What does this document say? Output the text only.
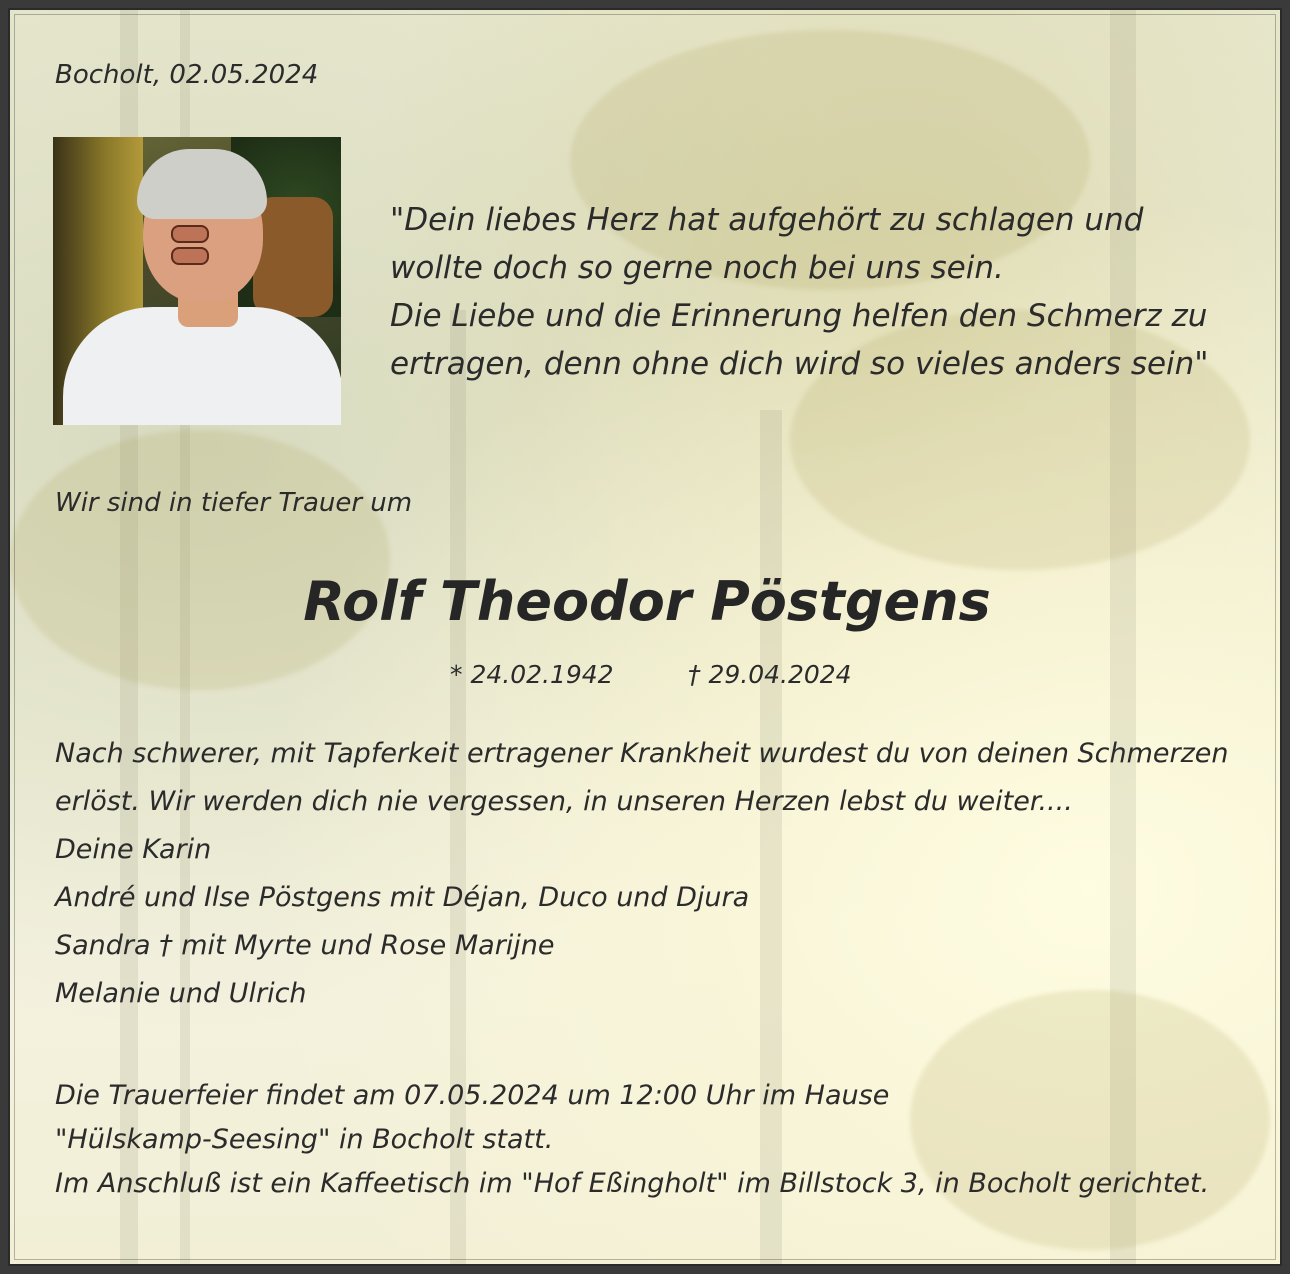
Bocholt, 02.05.2024
"Dein liebes Herz hat aufgehört zu schlagen und
wollte doch so gerne noch bei uns sein.
Die Liebe und die Erinnerung helfen den Schmerz zu
ertragen, denn ohne dich wird so vieles anders sein"
Wir sind in tiefer Trauer um
Rolf Theodor Pöstgens
* 24.02.1942	† 29.04.2024
Nach schwerer, mit Tapferkeit ertragener Krankheit wurdest du von deinen Schmerzen
erlöst. Wir werden dich nie vergessen, in unseren Herzen lebst du weiter....
Deine Karin
André und Ilse Pöstgens mit Déjan, Duco und Djura
Sandra † mit Myrte und Rose Marijne
Melanie und Ulrich
Die Trauerfeier findet am 07.05.2024 um 12:00 Uhr im Hause
"Hülskamp-Seesing" in Bocholt statt.
Im Anschluß ist ein Kaffeetisch im "Hof Eßingholt" im Billstock 3, in Bocholt gerichtet.
